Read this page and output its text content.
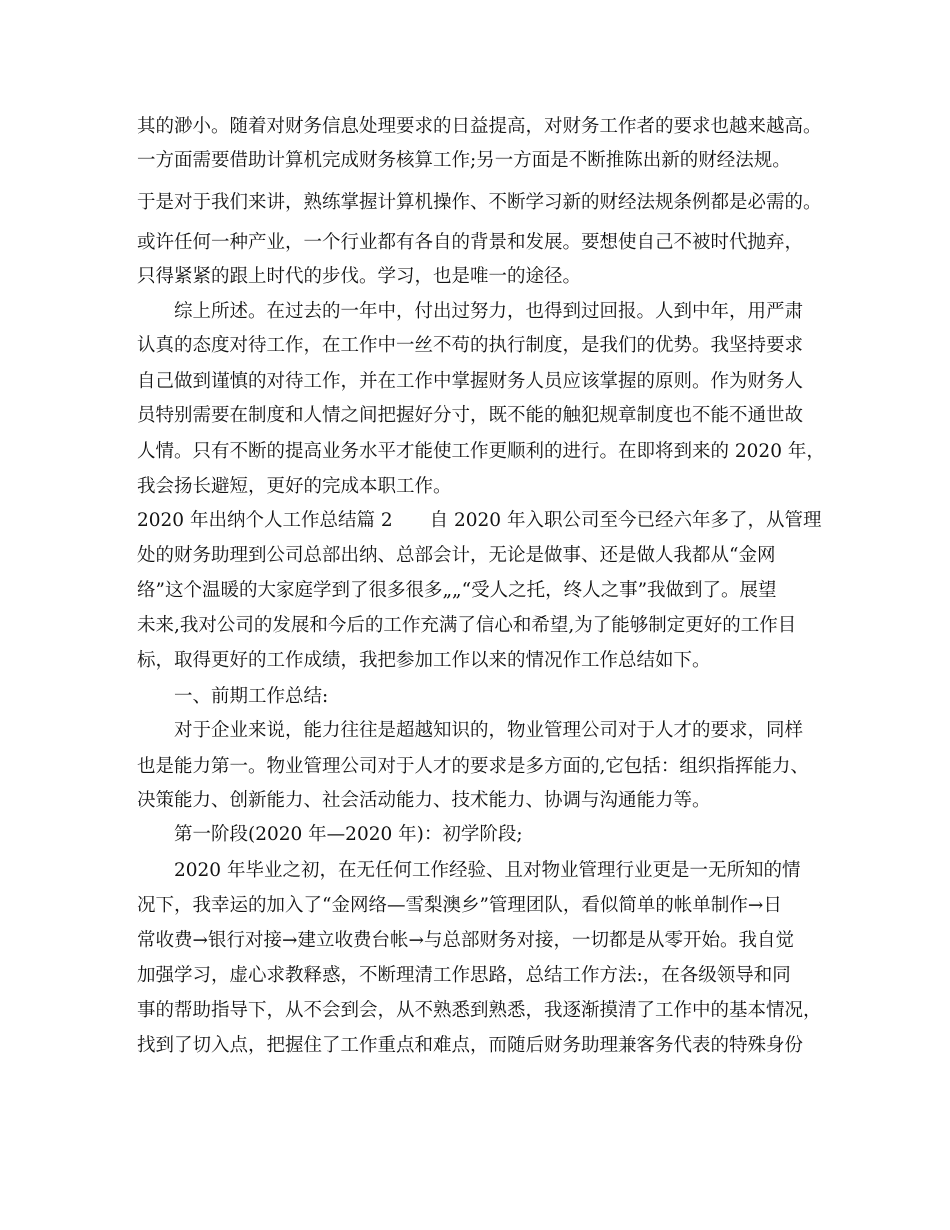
其的渺小。随着对财务信息处理要求的日益提高，对财务工作者的要求也越来越高。
一方面需要借助计算机完成财务核算工作;另一方面是不断推陈出新的财经法规。
于是对于我们来讲，熟练掌握计算机操作、不断学习新的财经法规条例都是必需的。
或许任何一种产业，一个行业都有各自的背景和发展。要想使自己不被时代抛弃，
只得紧紧的跟上时代的步伐。学习，也是唯一的途径。
综上所述。在过去的一年中，付出过努力，也得到过回报。人到中年，用严肃
认真的态度对待工作，在工作中一丝不苟的执行制度，是我们的优势。我坚持要求
自己做到谨慎的对待工作，并在工作中掌握财务人员应该掌握的原则。作为财务人
员特别需要在制度和人情之间把握好分寸，既不能的触犯规章制度也不能不通世故
人情。只有不断的提高业务水平才能使工作更顺利的进行。在即将到来的 2020 年，
我会扬长避短，更好的完成本职工作。
2020 年出纳个人工作总结篇 2　　自 2020 年入职公司至今已经六年多了，从管理
处的财务助理到公司总部出纳、总部会计，无论是做事、还是做人我都从“金网
络”这个温暖的大家庭学到了很多很多„„“受人之托，终人之事”我做到了。展望
未来,我对公司的发展和今后的工作充满了信心和希望,为了能够制定更好的工作目
标，取得更好的工作成绩，我把参加工作以来的情况作工作总结如下。
一、前期工作总结:
对于企业来说，能力往往是超越知识的，物业管理公司对于人才的要求，同样
也是能力第一。物业管理公司对于人才的要求是多方面的,它包括：组织指挥能力、
决策能力、创新能力、社会活动能力、技术能力、协调与沟通能力等。
第一阶段(2020 年—2020 年)：初学阶段;
2020 年毕业之初，在无任何工作经验、且对物业管理行业更是一无所知的情
况下，我幸运的加入了“金网络—雪梨澳乡”管理团队，看似简单的帐单制作→日
常收费→银行对接→建立收费台帐→与总部财务对接，一切都是从零开始。我自觉
加强学习，虚心求教释惑，不断理清工作思路，总结工作方法:，在各级领导和同
事的帮助指导下，从不会到会，从不熟悉到熟悉，我逐渐摸清了工作中的基本情况，
找到了切入点，把握住了工作重点和难点，而随后财务助理兼客务代表的特殊身份
